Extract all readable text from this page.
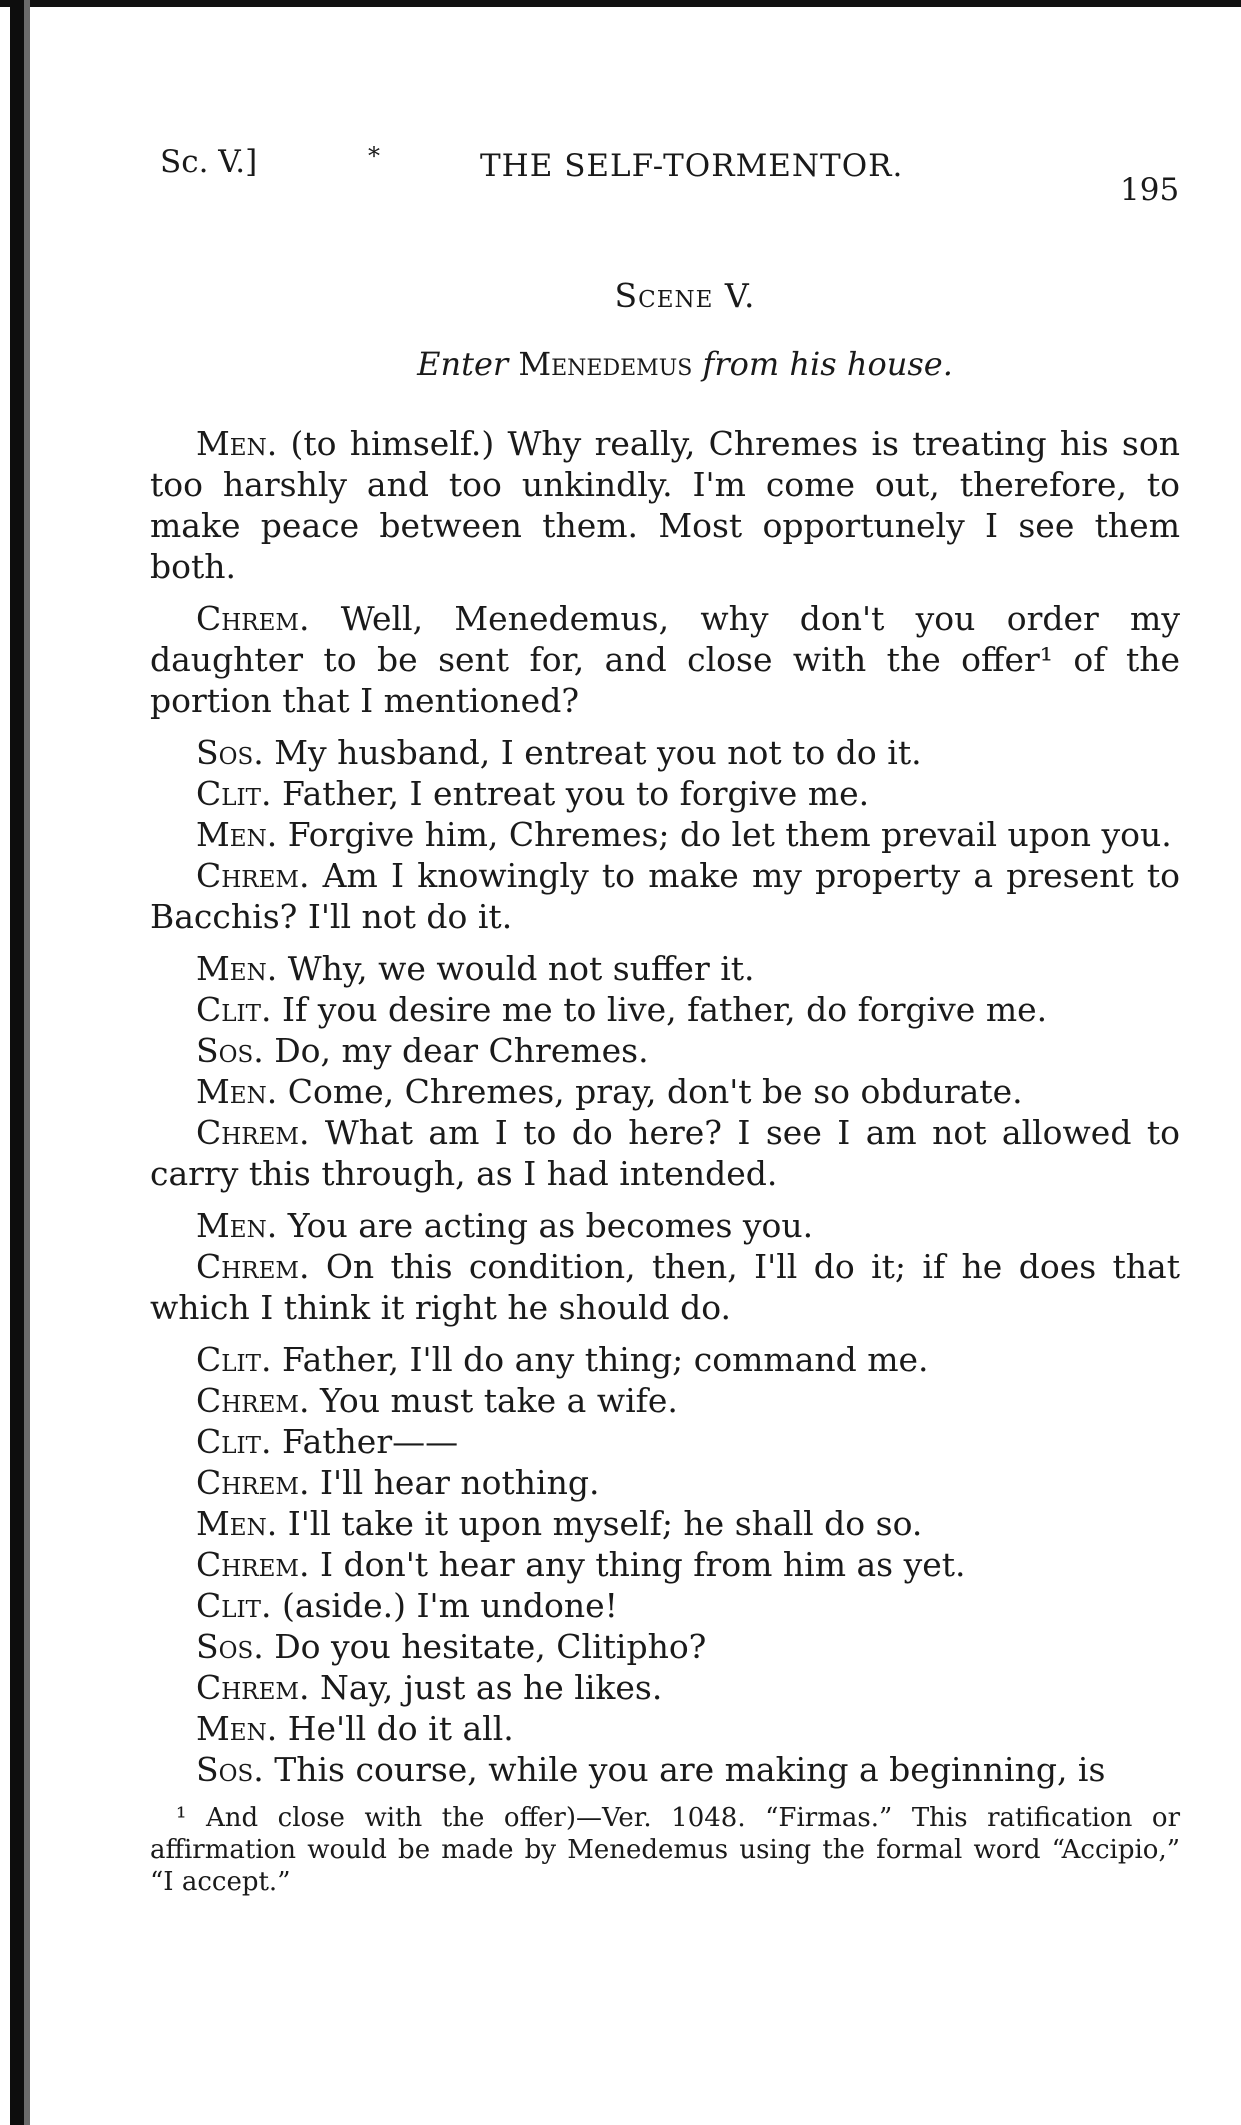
Sc. V.]	*	THE SELF-TORMENTOR.
195
Scene V.
Enter Menedemus from his house.
Men. (to himself.) Why really, Chremes is treating his son too harshly and too unkindly. I'm come out, therefore, to make peace between them. Most opportunely I see them both.
Chrem. Well, Menedemus, why don't you order my daughter to be sent for, and close with the offer¹ of the portion that I mentioned?
Sos. My husband, I entreat you not to do it.
Clit. Father, I entreat you to forgive me.
Men. Forgive him, Chremes; do let them prevail upon you.
Chrem. Am I knowingly to make my property a present to Bacchis? I'll not do it.
Men. Why, we would not suffer it.
Clit. If you desire me to live, father, do forgive me.
Sos. Do, my dear Chremes.
Men. Come, Chremes, pray, don't be so obdurate.
Chrem. What am I to do here? I see I am not allowed to carry this through, as I had intended.
Men. You are acting as becomes you.
Chrem. On this condition, then, I'll do it; if he does that which I think it right he should do.
Clit. Father, I'll do any thing; command me.
Chrem. You must take a wife.
Clit. Father——
Chrem. I'll hear nothing.
Men. I'll take it upon myself; he shall do so.
Chrem. I don't hear any thing from him as yet.
Clit. (aside.) I'm undone!
Sos. Do you hesitate, Clitipho?
Chrem. Nay, just as he likes.
Men. He'll do it all.
Sos. This course, while you are making a beginning, is
¹ And close with the offer)—Ver. 1048. “Firmas.” This ratification or affirmation would be made by Menedemus using the formal word “Accipio,” “I accept.”
